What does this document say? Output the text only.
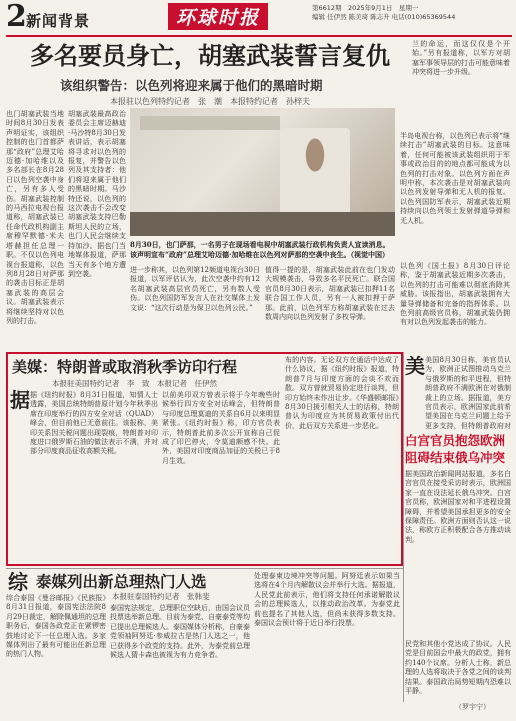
2 新闻背景	环球时报	第6612期　2025年9月1日　星期一
编辑 任伊然 陈美琦 陈志升 电话(010)65369544
多名要员身亡，胡塞武装誓言复仇
该组织警告：以色列将迎来属于他们的黑暗时期
本报驻以色列特约记者　张　潮　本报特约记者　孙梓夫
兰的命运，而这仅仅是个开始。”另有报道称，以军方对胡塞军事领导层的打击可能意味着冲突将进一步升级。
也门胡塞武装当地时间8月30日发表声明证实，该组织控制的也门首都萨那“政府”总理艾哈迈德·加哈维以及多名部长在8月28日以色列空袭中身亡，另有多人受伤。胡塞武装控制的马西拉电视台报道称，胡塞武装已任命代政机构副主席穆罕默德·米夫塔赫担任总理一职。不仅以色列电视台报道称，以色列8月28日对萨那的袭击目标正是胡塞武装的高层会议。胡塞武装表示将继续坚持对以色列的打击。
胡塞武装最高政治委员会主席迈赫迪·马沙特8月30日发表讲话，表示胡塞将寻求对以色列的报复，并警告以色列及其支持者：他们将迎来属于他们的黑暗时期。马沙特还说，以色列的这次袭击不会改变胡塞武装支持巴勒斯坦人民的立场，也门人民会继续支持加沙。据也门当地媒体报道，萨那当天有多个地方遭到空袭。
8月30日，也门萨那，一名男子在现场看电视中胡塞武装行政机构负责人宣读消息。该声明宣布“政府”总理艾哈迈德·加哈维在以色列对萨那的空袭中丧生。（视觉中国）
进一步称其，以色列第12频道电视台30日报道，以军评估认为，此次空袭中约有12名胡塞武装高层官员死亡，另有数人受伤。以色列国防军发言人在社交媒体上发文说：“这次行动是为保卫以色列公民。”
值得一提的是，胡塞武装此前在也门发动大规模袭击，导致多名平民死亡。联合国官员8月30日表示，胡塞武装已扣押11名联合国工作人员，另有一人被扣押于萨那。此前，以色列军方称胡塞武装在过去数周内向以色列发射了多枚导弹。
半岛电视台称，以色列已表示将“继续打击”胡塞武装的目标。这意味着，任何可能被该武装组织用于军事或政治目的的地点都可能成为以色列的打击对象。以色列方面在声明中称，本次袭击是对胡塞武装向以色列发射导弹和无人机的报复。以色列国防军表示，胡塞武装近期持续向以色列领土发射弹道导弹和无人机。
以色列《国土报》8月30日评论称，鉴于胡塞武装近期多次袭击，以色列的打击可能难以彻底消除其威胁。该报指出，胡塞武装拥有大量导弹储备和完备的指挥体系。以色列前高级官员称，胡塞武装仍拥有对以色列发起袭击的能力。
美媒：特朗普或取消秋季访印行程
本报驻美国特约记者　李　致　本报记者　任伊然
据 据《纽约时报》8月31日报道，知情人士透露，美国总统特朗普原计划今年秋季出席在印度举行的四方安全对话（QUAD）峰会，但目前他已无意前往。该报称，美印关系因关税问题出现裂痕，特朗普对印度进口俄罗斯石油的做法表示不满，并对部分印度商品征收高额关税。
以前美印双方曾表示将于今年晚些时候举行四方安全对话峰会，但特朗普与印度总理莫迪的关系自6月以来明显紧张。《纽约时报》称，印方官员表示，特朗普此前多次公开宣称自己促成了印巴停火，令莫迪颇感不快。此外，美国对印度商品加征的关税已于8月生效。
布的内容。无论双方在通话中达成了什么协议，据《纽约时报》报道，特朗普7月与印度方面的会谈不欢而散。双方曾就贸易协定进行谈判，但印方始终未作出让步。《华盛顿邮报》8月30日援引相关人士的话称，特朗普认为印度应为其贸易政策付出代价，此后双方关系进一步恶化。
美 美国8月30日称，美官员认为，欧洲正试图推动乌克兰与俄罗斯的和平进程，但特朗普政府不满欧洲在对俄制裁上的立场。据报道，美方官员表示，欧洲国家此前希望美国在乌克兰问题上给予更多支持，但特朗普政府对
白宫官员抱怨欧洲阻碍结束俄乌冲突
据美国政治新闻网站报道，多名白宫官员在接受采访时表示，欧洲国家一直在设法延长俄乌冲突。白宫官员称，欧洲国家对和平进程设置障碍，并希望美国承担更多的安全保障责任。欧洲方面则否认这一说法，称欧方正积极配合各方推动谈判。
综 泰媒列出新总理热门人选
本报驻泰国特约记者　张韩斐
综合泰国《曼谷邮报》《民族报》8月31日报道，泰国宪法法院8月29日裁定，解除佩通坦的总理职务后，泰国各政党正在紧锣密鼓地讨论下一任总理人选。多家媒体列出了最有可能出任新总理的热门人物。
泰国宪法规定，总理职位空缺后，由国会议员投票选举新总理。目前为泰党、自豪泰党等均已提出总理候选人。泰国媒体分析称，自豪泰党领袖阿努廷·参威拉古是热门人选之一，他已获得多个政党的支持。此外，为泰党前总理候选人猜卡森也被视为有力竞争者。
处理泰柬边境冲突等问题。阿努廷表示如果当选将在4个月内解散议会并举行大选。据报道，人民党此前表示，他们将支持任何承诺解散议会的总理候选人，以推动政治改革。为泰党此前也提名了其他人选，但尚未获得多数支持。泰国议会预计将于近日举行投票。
民党和其他小党达成了协议。人民党是目前国会中最大的政党，拥有约140个议席。分析人士称，新总理的人选将取决于各党之间的谈判结果。泰国政治局势短期内恐难以平静。
（罗宇宁）
